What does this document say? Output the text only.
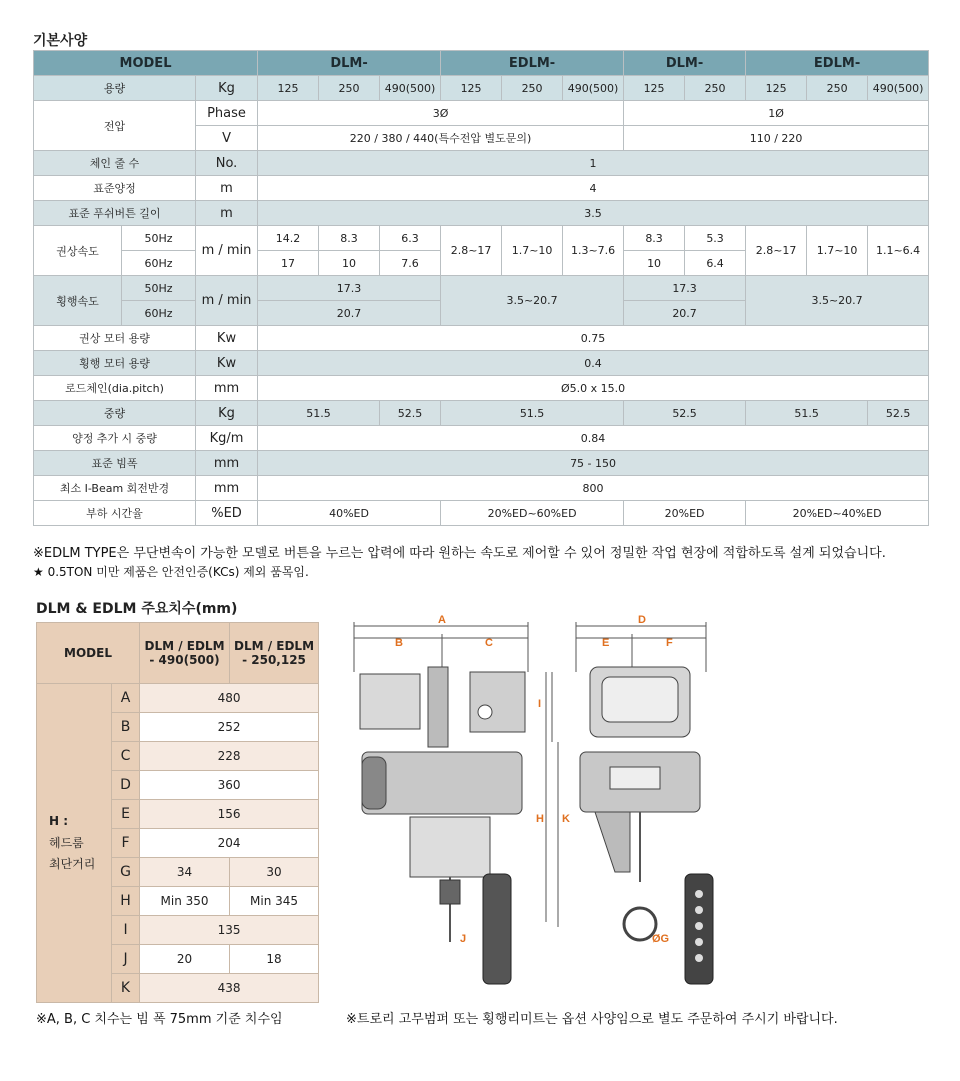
기본사양
MODEL			DLM-			EDLM-			DLM-		EDLM-		
용량		Kg	125	250	490(500)	125	250	490(500)	125	250	125	250	490(500)
전압		Phase	3Ø						1Ø				
		V	220 / 380 / 440(특수전압 별도문의)						110 / 220				
체인 줄 수		No.	1										
표준양정		m	4										
표준 푸쉬버튼 길이		m	3.5										
권상속도	50Hz	m / min	14.2	8.3	6.3	2.8~17	1.7~10	1.3~7.6	8.3	5.3	2.8~17	1.7~10	1.1~6.4
	60Hz		17	10	7.6				10	6.4			
횡행속도	50Hz	m / min	17.3			3.5~20.7			17.3		3.5~20.7		
	60Hz		20.7						20.7				
권상 모터 용량		Kw	0.75										
횡행 모터 용량		Kw	0.4										
로드체인(dia.pitch)		mm	Ø5.0 x 15.0										
중량		Kg	51.5		52.5	51.5			52.5		51.5		52.5
양정 추가 시 중량		Kg/m	0.84										
표준 빔폭		mm	75 - 150										
최소 I-Beam 회전반경		mm	800										
부하 시간율		%ED	40%ED			20%ED~60%ED			20%ED		20%ED~40%ED		
※EDLM TYPE은 무단변속이 가능한 모델로 버튼을 누르는 압력에 따라 원하는 속도로 제어할 수 있어 정밀한 작업 현장에 적합하도록 설계 되었습니다.
★ 0.5TON 미만 제품은 안전인증(KCs) 제외 품목임.
DLM & EDLM 주요치수(mm)
MODEL		DLM / EDLM - 490(500)	DLM / EDLM - 250,125

H :
헤드룸
최단거리	A	480	
	B	252	
	C	228	
	D	360	
	E	156	
	F	204	
	G	34	30
	H	Min 350	Min 345
	I	135	
	J	20	18
	K	438	
A
B	C
D
E	F
ØG
H
I
J
K
※A, B, C 치수는 빔 폭 75mm 기준 치수임	※트로리 고무범퍼 또는 횡행리미트는 옵션 사양임으로 별도 주문하여 주시기 바랍니다.
